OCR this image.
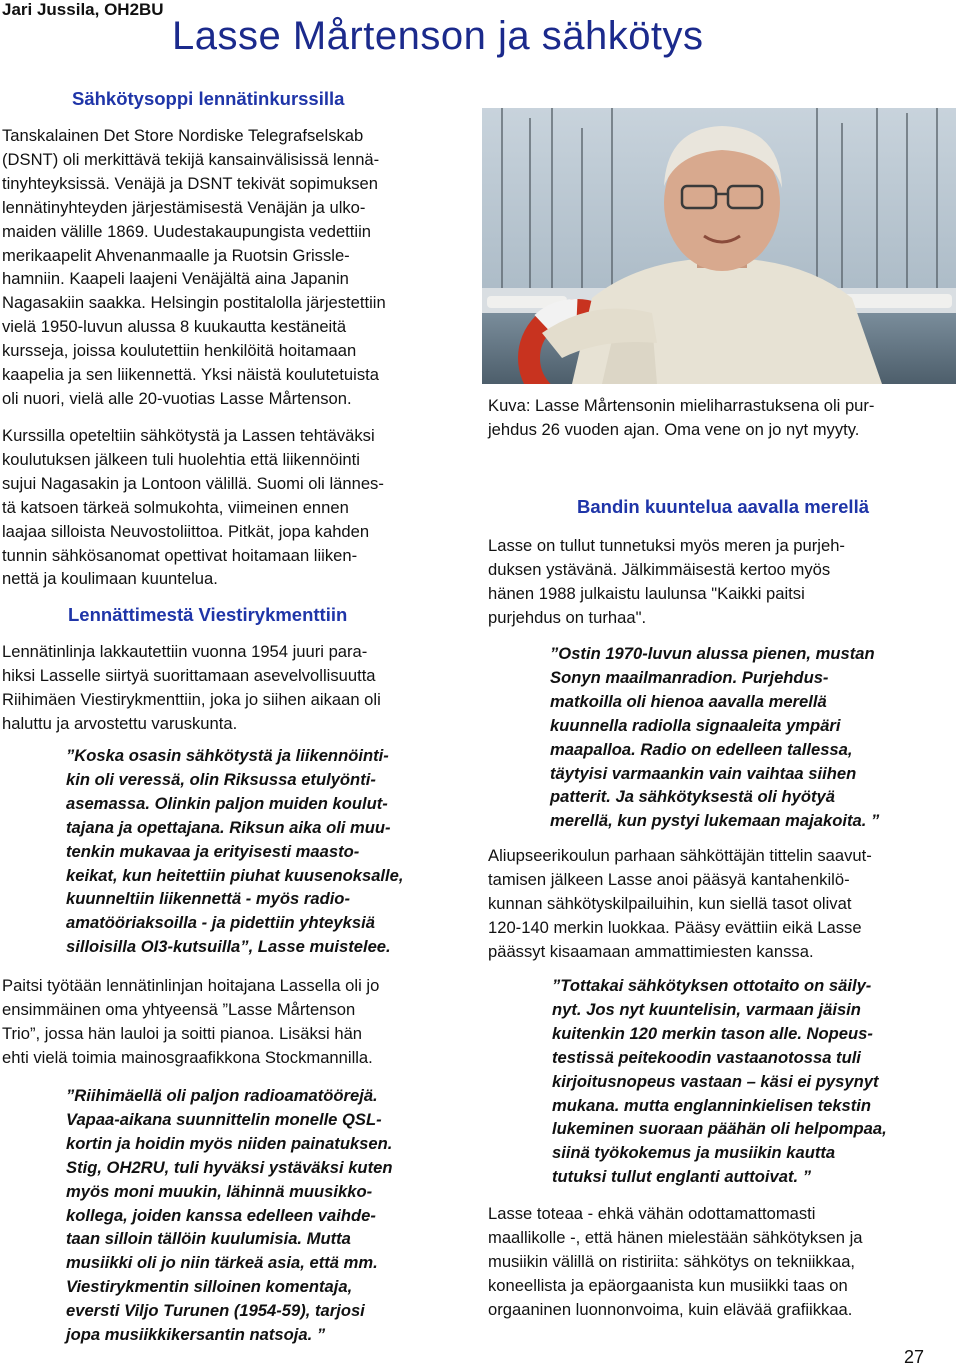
Jari Jussila, OH2BU
Lasse Mårtenson ja sähkötys
Sähkötysoppi lennätinkurssilla
Tanskalainen Det Store Nordiske Telegrafselskab
(DSNT) oli merkittävä tekijä kansainvälisissä lennä-
tinyhteyksissä. Venäjä ja DSNT tekivät sopimuksen
lennätinyhteyden järjestämisestä Venäjän ja ulko-
maiden välille 1869. Uudestakaupungista vedettiin
merikaapelit Ahvenanmaalle ja Ruotsin Grissle-
hamniin. Kaapeli laajeni Venäjältä aina Japanin
Nagasakiin saakka. Helsingin postitalolla järjestettiin
vielä 1950-luvun alussa 8 kuukautta kestäneitä
kursseja, joissa koulutettiin henkilöitä hoitamaan
kaapelia ja sen liikennettä. Yksi näistä koulutetuista
oli nuori, vielä alle 20-vuotias Lasse Mårtenson.
Kurssilla opeteltiin sähkötystä ja Lassen tehtäväksi
koulutuksen jälkeen tuli huolehtia että liikennöinti
sujui Nagasakin ja Lontoon välillä. Suomi oli lännes-
tä katsoen tärkeä solmukohta, viimeinen ennen
laajaa silloista Neuvostoliittoa. Pitkät, jopa kahden
tunnin sähkösanomat opettivat hoitamaan liiken-
nettä ja koulimaan kuuntelua.
Lennättimestä Viestirykmenttiin
Lennätinlinja lakkautettiin vuonna 1954 juuri para-
hiksi Lasselle siirtyä suorittamaan asevelvollisuutta
Riihimäen Viestirykmenttiin, joka jo siihen aikaan oli
haluttu ja arvostettu varuskunta.
”Koska osasin sähkötystä ja liikennöinti-
kin oli veressä, olin Riksussa etulyönti-
asemassa. Olinkin paljon muiden koulut-
tajana ja opettajana. Riksun aika oli muu-
tenkin mukavaa ja erityisesti maasto-
keikat, kun heitettiin piuhat kuusenoksalle,
kuunneltiin liikennettä - myös radio-
amatööriaksoilla - ja pidettiin yhteyksiä
silloisilla OI3-kutsuilla”, Lasse muistelee.
Paitsi työtään lennätinlinjan hoitajana Lassella oli jo
ensimmäinen oma yhtyeensä ”Lasse Mårtenson
Trio”, jossa hän lauloi ja soitti pianoa. Lisäksi hän
ehti vielä toimia mainosgraafikkona Stockmannilla.
”Riihimäellä oli paljon radioamatöörejä.
Vapaa-aikana suunnittelin monelle QSL-
kortin ja hoidin myös niiden painatuksen.
Stig, OH2RU, tuli hyväksi ystäväksi kuten
myös moni muukin, lähinnä muusikko-
kollega, joiden kanssa edelleen vaihde-
taan silloin tällöin kuulumisia. Mutta
musiikki oli jo niin tärkeä asia, että mm.
Viestirykmentin silloinen komentaja,
eversti Viljo Turunen (1954-59), tarjosi
jopa musiikkikersantin natsoja. ”
Kuva: Lasse Mårtensonin mieliharrastuksena oli pur-
jehdus 26 vuoden ajan. Oma vene on jo nyt myyty.
Bandin kuuntelua aavalla merellä
Lasse on tullut tunnetuksi myös meren ja purjeh-
duksen ystävänä. Jälkimmäisestä kertoo myös
hänen 1988 julkaistu laulunsa "Kaikki paitsi
purjehdus on turhaa".
”Ostin 1970-luvun alussa pienen, mustan
Sonyn maailmanradion. Purjehdus-
matkoilla oli hienoa aavalla merellä
kuunnella radiolla signaaleita ympäri
maapalloa. Radio on edelleen tallessa,
täytyisi varmaankin vain vaihtaa siihen
patterit. Ja sähkötyksestä oli hyötyä
merellä, kun pystyi lukemaan majakoita. ”
Aliupseerikoulun parhaan sähköttäjän tittelin saavut-
tamisen jälkeen Lasse anoi pääsyä kantahenkilö-
kunnan sähkötyskilpailuihin, kun siellä tasot olivat
120-140 merkin luokkaa. Pääsy evättiin eikä Lasse
päässyt kisaamaan ammattimiesten kanssa.
”Tottakai sähkötyksen ottotaito on säily-
nyt. Jos nyt kuuntelisin, varmaan jäisin
kuitenkin 120 merkin tason alle. Nopeus-
testissä peitekoodin vastaanotossa tuli
kirjoitusnopeus vastaan – käsi ei pysynyt
mukana. mutta englanninkielisen tekstin
lukeminen suoraan päähän oli helpompaa,
siinä työkokemus ja musiikin kautta
tutuksi tullut englanti auttoivat. ”
Lasse toteaa - ehkä vähän odottamattomasti
maallikolle -, että hänen mielestään sähkötyksen ja
musiikin välillä on ristiriita: sähkötys on tekniikkaa,
koneellista ja epäorgaanista kun musiikki taas on
orgaaninen luonnonvoima, kuin elävää grafiikkaa.
27
